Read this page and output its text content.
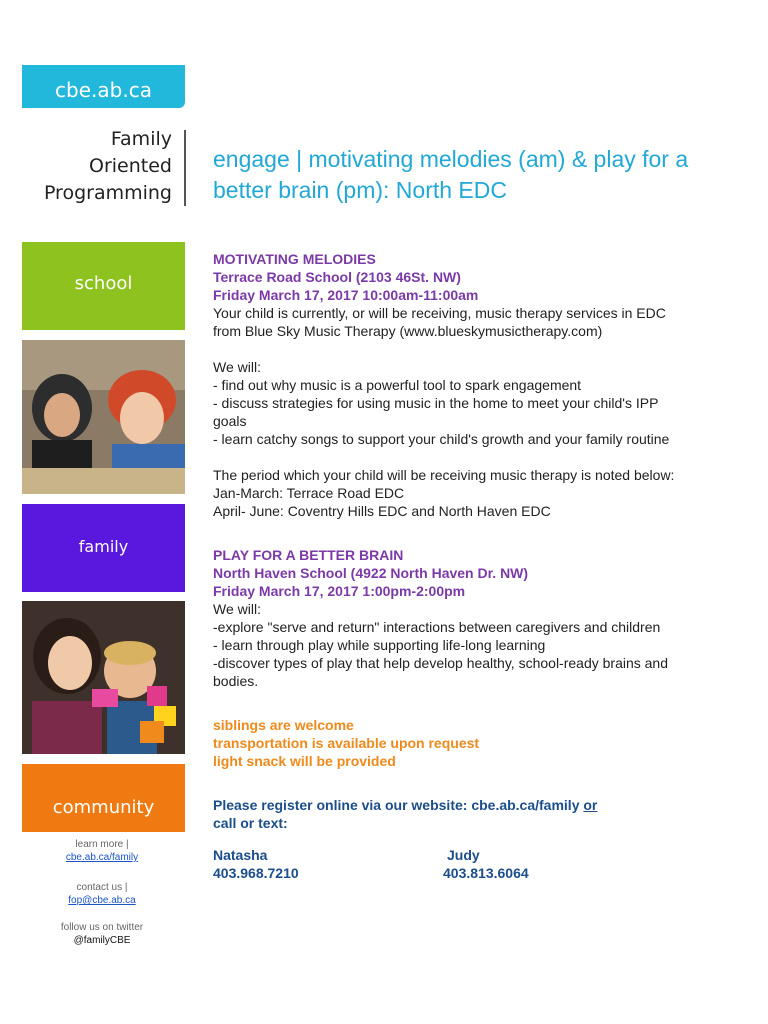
cbe.ab.ca
Family
Oriented
Programming
school
family
community
learn more |
cbe.ab.ca/family
contact us |
fop@cbe.ab.ca
follow us on twitter
@familyCBE
engage | motivating melodies (am) & play for a better brain (pm): North EDC
MOTIVATING MELODIES
Terrace Road School (2103 46St. NW)
Friday March 17, 2017 10:00am-11:00am
Your child is currently, or will be receiving, music therapy services in EDC
from Blue Sky Music Therapy (www.blueskymusictherapy.com)
We will:
- find out why music is a powerful tool to spark engagement
- discuss strategies for using music in the home to meet your child's IPP
goals
- learn catchy songs to support your child's growth and your family routine
The period which your child will be receiving music therapy is noted below:
Jan-March: Terrace Road EDC
April- June: Coventry Hills EDC and North Haven EDC
PLAY FOR A BETTER BRAIN
North Haven School (4922 North Haven Dr. NW)
Friday March 17, 2017 1:00pm-2:00pm
We will:
-explore "serve and return" interactions between caregivers and children
- learn through play while supporting life-long learning
-discover types of play that help develop healthy, school-ready brains and
bodies.
siblings are welcome
transportation is available upon request
light snack will be provided
Please register online via our website: cbe.ab.ca/family or
call or text:
Natasha
403.968.7210
Judy
403.813.6064
